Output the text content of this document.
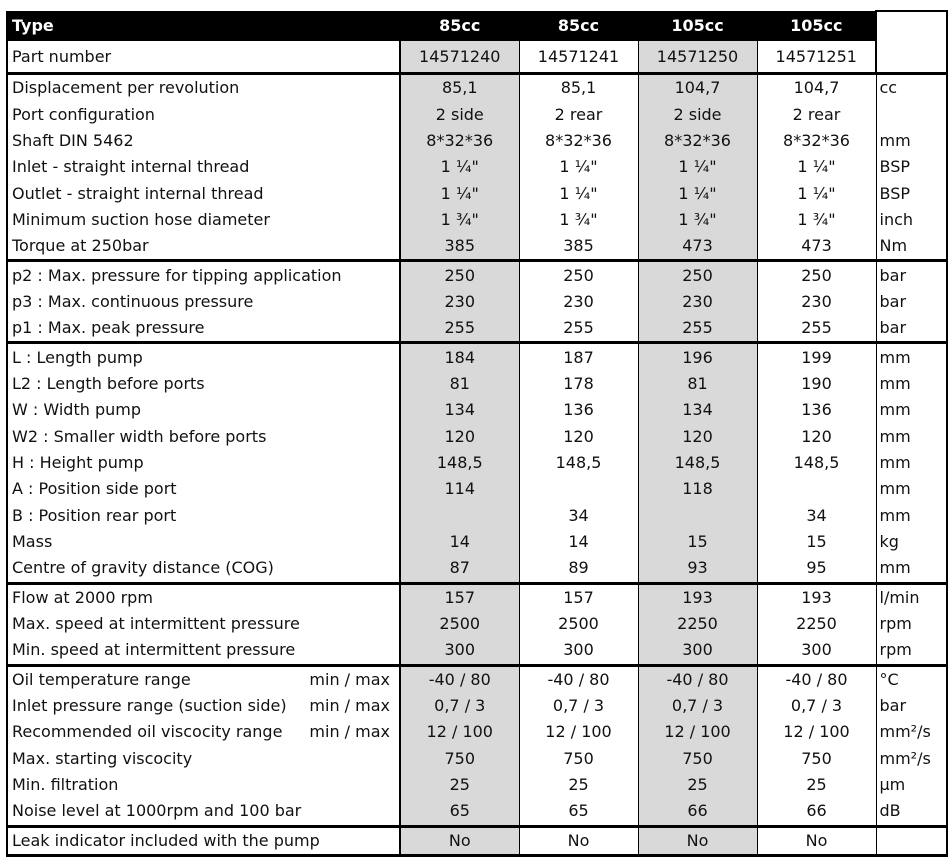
Type	85cc	85cc	105cc	105cc	
Part number	14571240	14571241	14571250	14571251	
Displacement per revolution	85,1	85,1	104,7	104,7	cc
Port configuration	2 side	2 rear	2 side	2 rear	
Shaft DIN 5462	8*32*36	8*32*36	8*32*36	8*32*36	mm
Inlet - straight internal thread	1 ¼"	1 ¼"	1 ¼"	1 ¼"	BSP
Outlet - straight internal thread	1 ¼"	1 ¼"	1 ¼"	1 ¼"	BSP
Minimum suction hose diameter	1 ¾"	1 ¾"	1 ¾"	1 ¾"	inch
Torque at 250bar	385	385	473	473	Nm
p2 : Max. pressure for tipping application	250	250	250	250	bar
p3 : Max. continuous pressure	230	230	230	230	bar
p1 : Max. peak pressure	255	255	255	255	bar
L : Length pump	184	187	196	199	mm
L2 : Length before ports	81	178	81	190	mm
W : Width pump	134	136	134	136	mm
W2 : Smaller width before ports	120	120	120	120	mm
H : Height pump	148,5	148,5	148,5	148,5	mm
A : Position side port	114		118		mm
B : Position rear port		34		34	mm
Mass	14	14	15	15	kg
Centre of gravity distance (COG)	87	89	93	95	mm
Flow at 2000 rpm	157	157	193	193	l/min
Max. speed at intermittent pressure	2500	2500	2250	2250	rpm
Min. speed at intermittent pressure	300	300	300	300	rpm

Oil temperature range min / max	-40 / 80	-40 / 80	-40 / 80	-40 / 80	°C

Inlet pressure range (suction side) min / max	0,7 / 3	0,7 / 3	0,7 / 3	0,7 / 3	bar

Recommended oil viscocity range min / max	12 / 100	12 / 100	12 / 100	12 / 100	mm²/s
Max. starting viscocity	750	750	750	750	mm²/s
Min. filtration	25	25	25	25	μm
Noise level at 1000rpm and 100 bar	65	65	66	66	dB
Leak indicator included with the pump	No	No	No	No	
